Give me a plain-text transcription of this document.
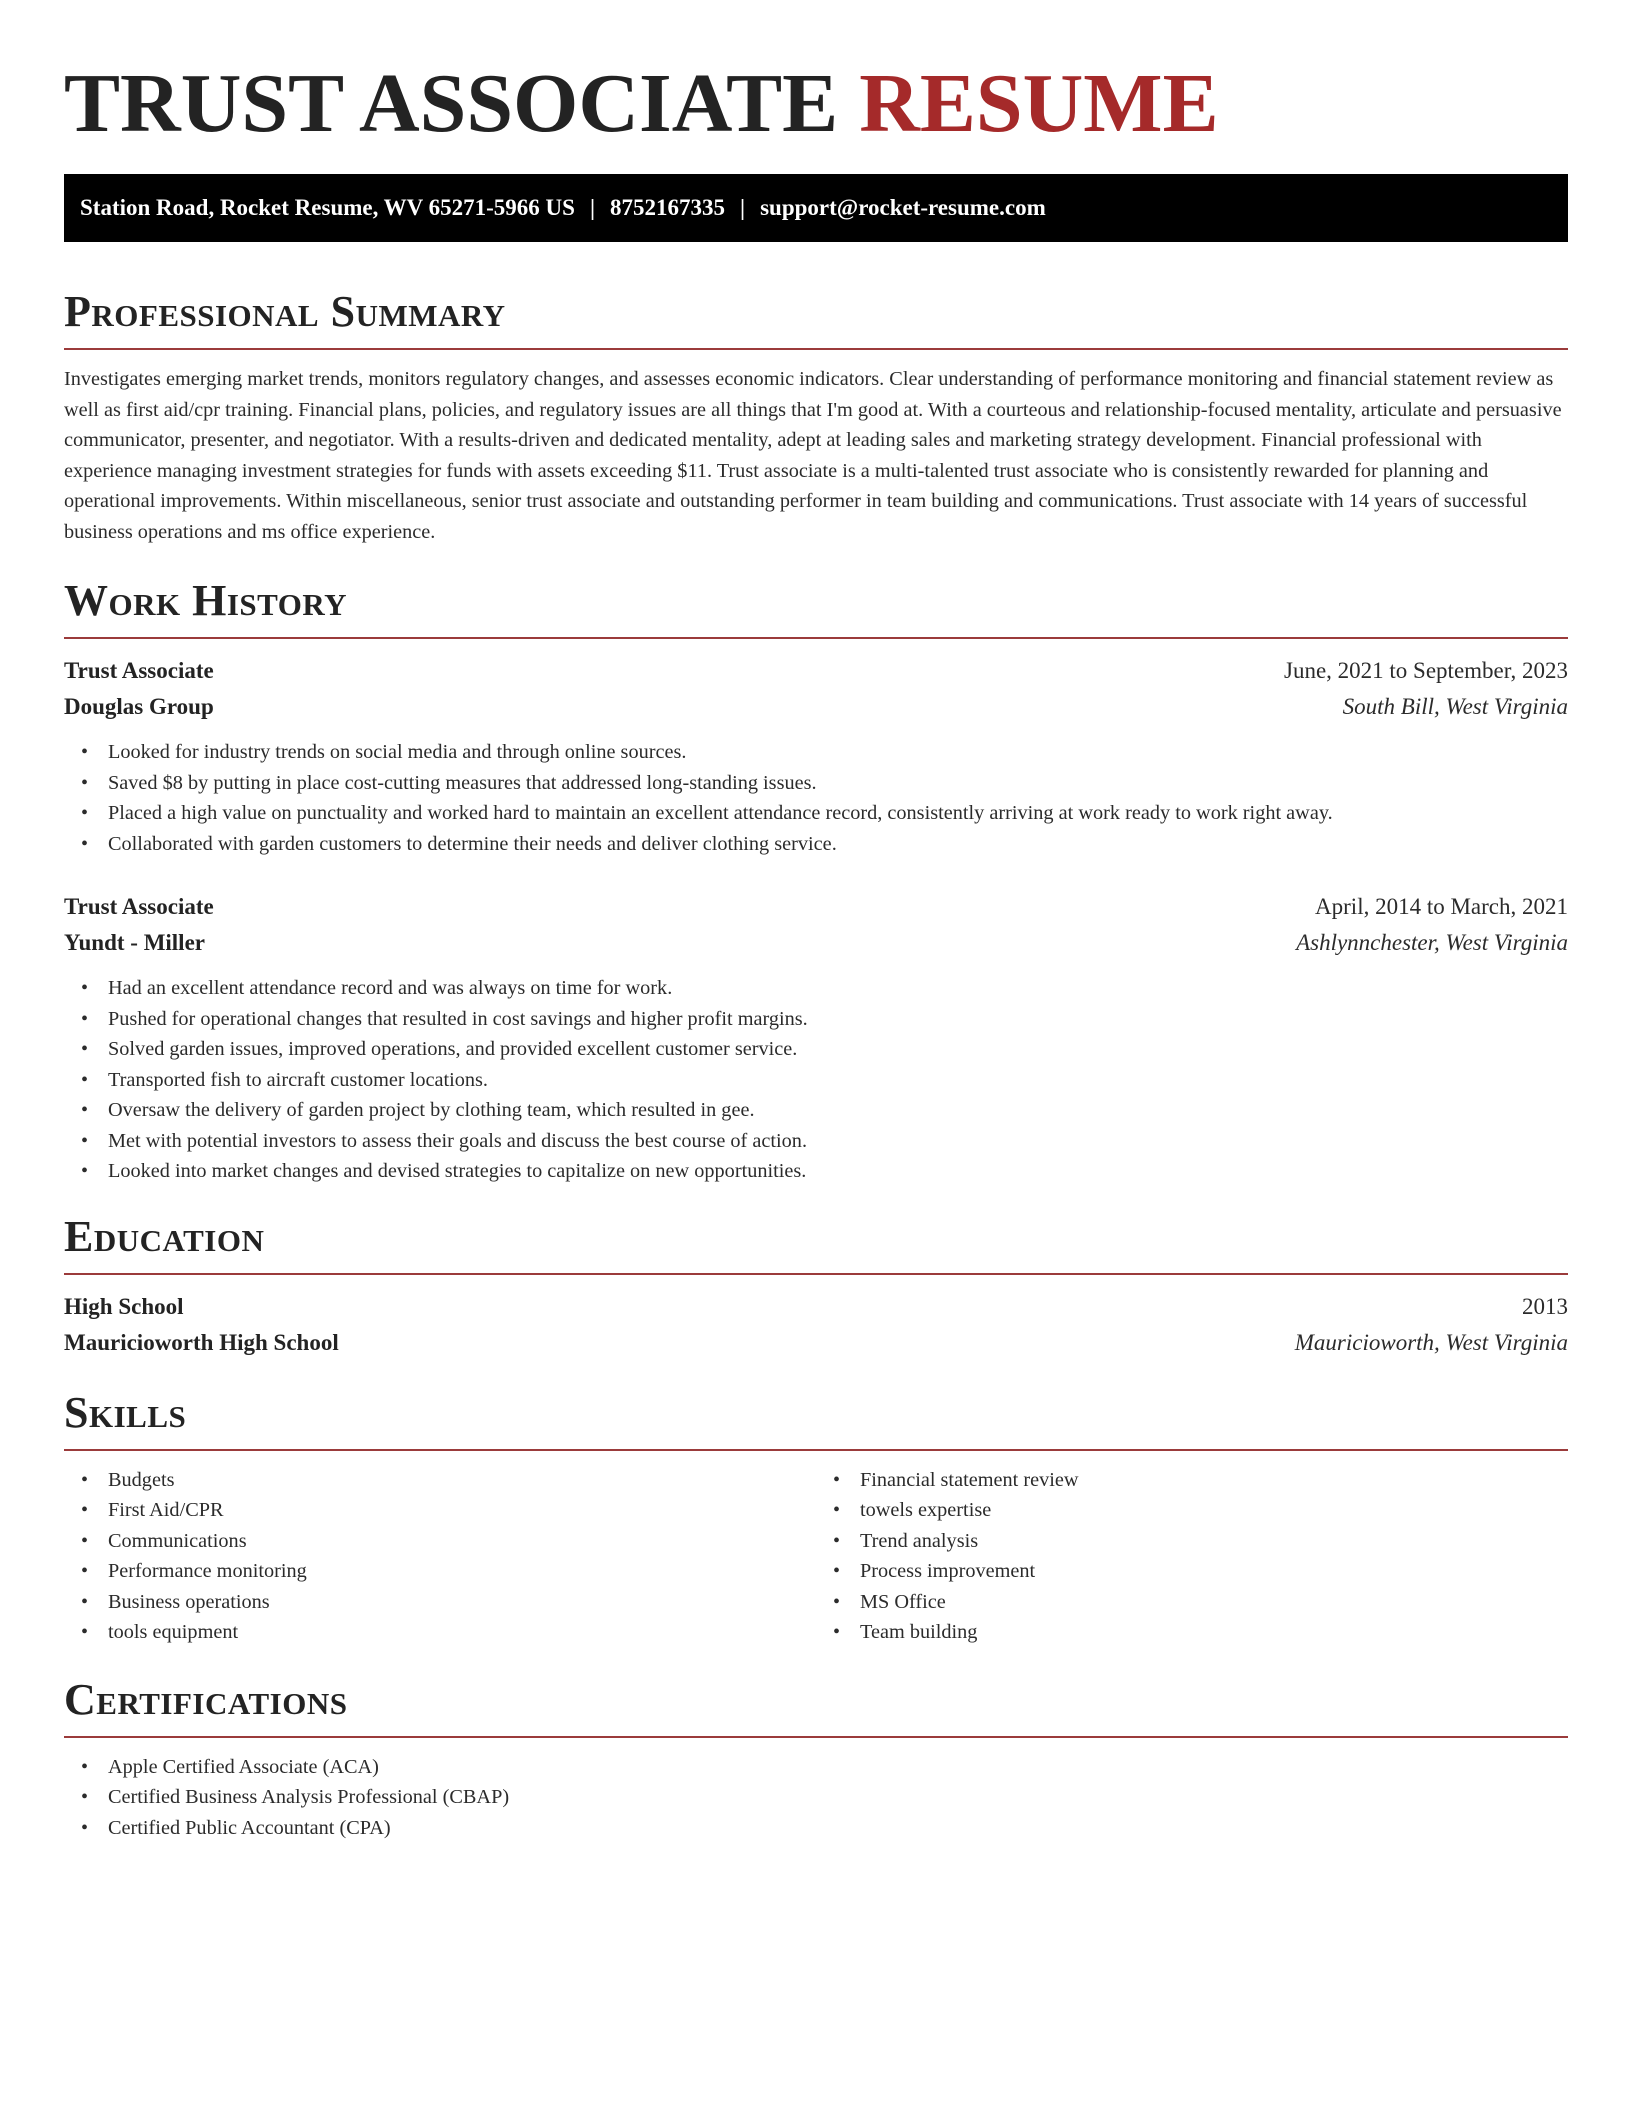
TRUST ASSOCIATE RESUME
Station Road, Rocket Resume, WV 65271-5966 US | 8752167335 | support@rocket-resume.com
Professional Summary

Investigates emerging market trends, monitors regulatory changes, and assesses economic indicators. Clear understanding of performance monitoring and financial statement review as well as first aid/cpr training. Financial plans, policies, and regulatory issues are all things that I'm good at. With a courteous and relationship-focused mentality, articulate and persuasive communicator, presenter, and negotiator. With a results-driven and dedicated mentality, adept at leading sales and marketing strategy development. Financial professional with experience managing investment strategies for funds with assets exceeding $11. Trust associate is a multi-talented trust associate who is consistently rewarded for planning and operational improvements. Within miscellaneous, senior trust associate and outstanding performer in team building and communications. Trust associate with 14 years of successful business operations and ms office experience.

Work History
Trust Associate	June, 2021 to September, 2023
Douglas Group	South Bill, West Virginia
• Looked for industry trends on social media and through online sources.
• Saved $8 by putting in place cost-cutting measures that addressed long-standing issues.
• Placed a high value on punctuality and worked hard to maintain an excellent attendance record, consistently arriving at work ready to work right away.
• Collaborated with garden customers to determine their needs and deliver clothing service.
Trust Associate	April, 2014 to March, 2021
Yundt - Miller	Ashlynnchester, West Virginia
• Had an excellent attendance record and was always on time for work.
• Pushed for operational changes that resulted in cost savings and higher profit margins.
• Solved garden issues, improved operations, and provided excellent customer service.
• Transported fish to aircraft customer locations.
• Oversaw the delivery of garden project by clothing team, which resulted in gee.
• Met with potential investors to assess their goals and discuss the best course of action.
• Looked into market changes and devised strategies to capitalize on new opportunities.
Education
High School	2013
Mauricioworth High School	Mauricioworth, West Virginia
Skills
• Budgets
• First Aid/CPR
• Communications
• Performance monitoring
• Business operations
• tools equipment
• Financial statement review
• towels expertise
• Trend analysis
• Process improvement
• MS Office
• Team building
Certifications
• Apple Certified Associate (ACA)
• Certified Business Analysis Professional (CBAP)
• Certified Public Accountant (CPA)
